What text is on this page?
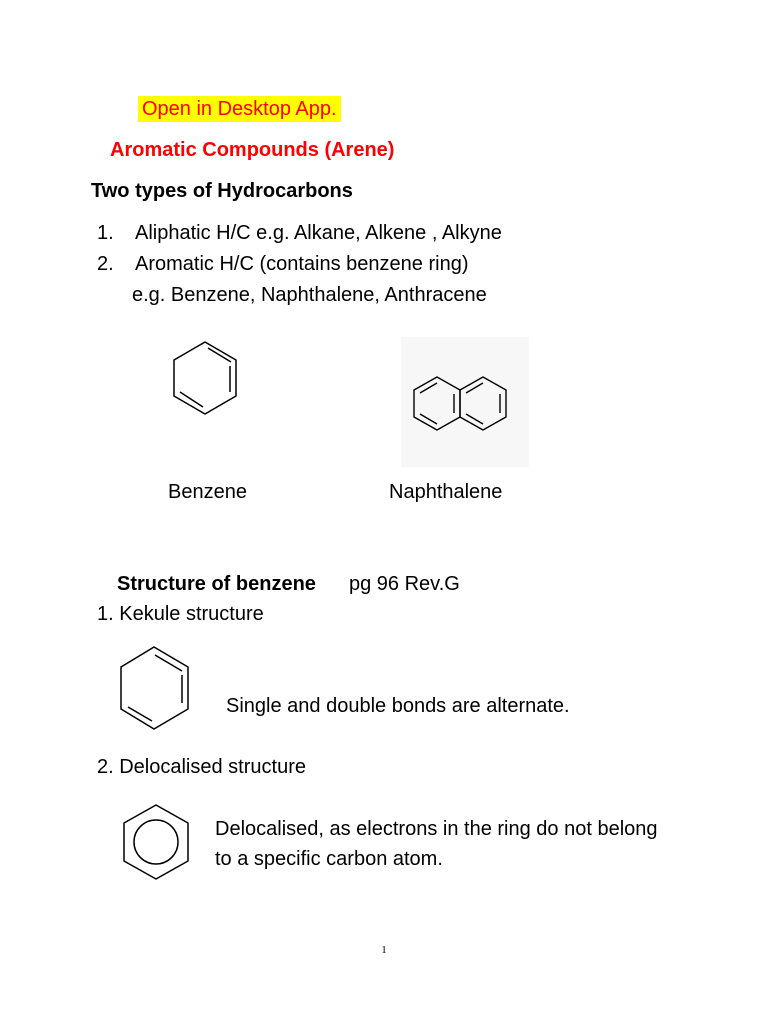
Open in Desktop App.
Aromatic Compounds (Arene)
Two types of Hydrocarbons
1. Aliphatic H/C e.g. Alkane, Alkene , Alkyne
2. Aromatic H/C (contains benzene ring)
e.g. Benzene, Naphthalene, Anthracene
Benzene	Naphthalene
Structure of benzene pg 96 Rev.G
1. Kekule structure
Single and double bonds are alternate.
2. Delocalised structure
Delocalised, as electrons in the ring do not belong
to a specific carbon atom.
1
